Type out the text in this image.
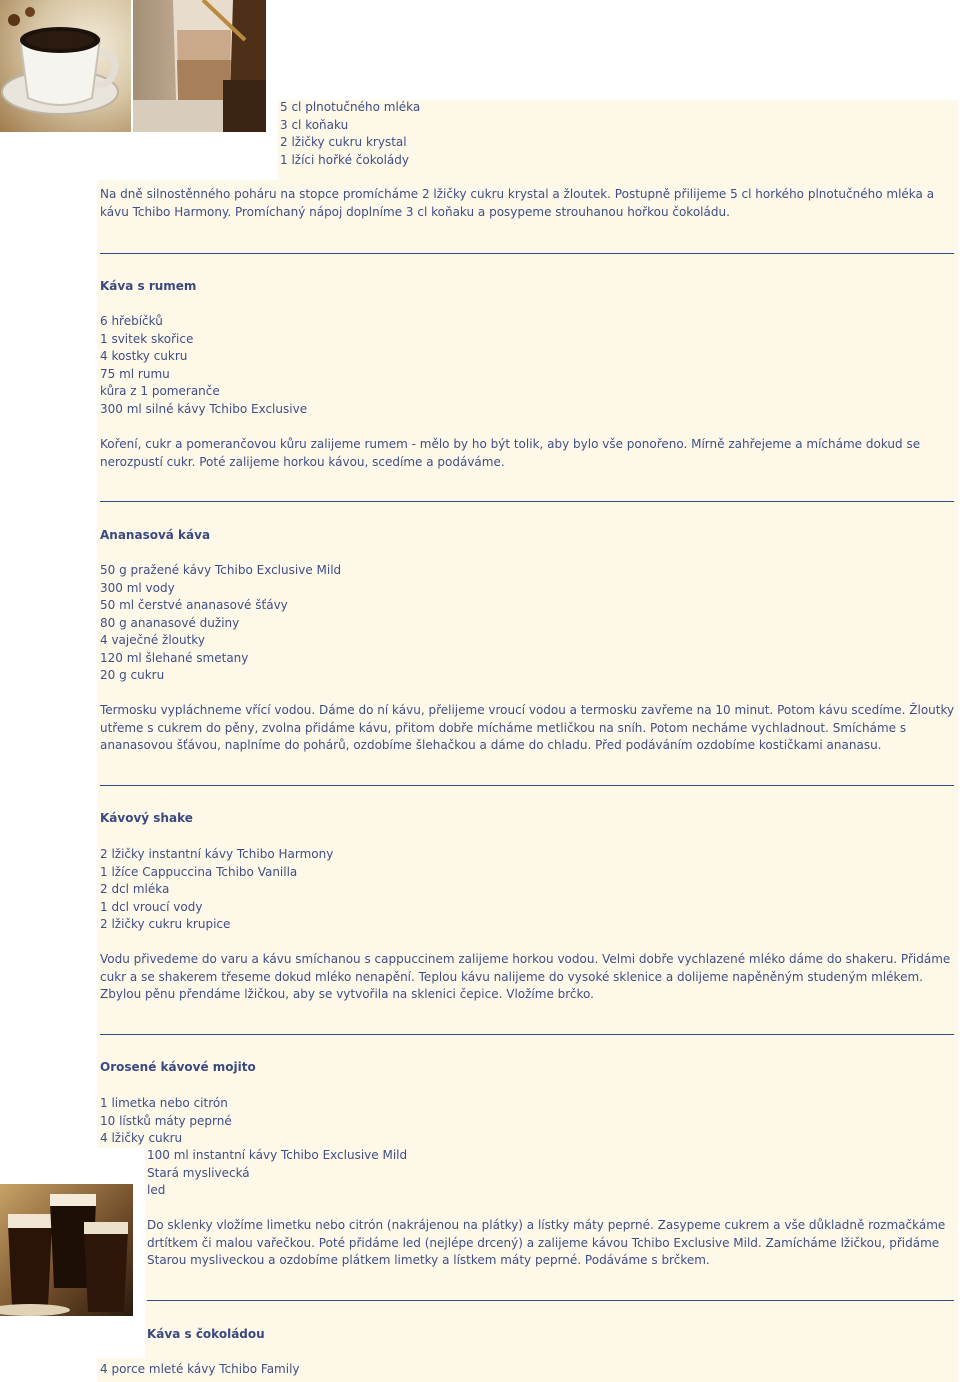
5 cl plnotučného mléka
3 cl koňaku
2 lžičky cukru krystal
1 lžíci hořké čokolády

Na dně silnostěnného poháru na stopce promícháme 2 lžičky cukru krystal a žloutek. Postupně přilijeme 5 cl horkého plnotučného mléka a kávu Tchibo Harmony. Promíchaný nápoj doplníme 3 cl koňaku a posypeme strouhanou hořkou čokoládu.

Káva s rumem
6 hřebíčků
1 svitek skořice
4 kostky cukru
75 ml rumu
kůra z 1 pomeranče
300 ml silné kávy Tchibo Exclusive

Koření, cukr a pomerančovou kůru zalijeme rumem - mělo by ho být tolik, aby bylo vše ponořeno. Mírně zahřejeme a mícháme dokud se nerozpustí cukr. Poté zalijeme horkou kávou, scedíme a podáváme.

Ananasová káva
50 g pražené kávy Tchibo Exclusive Mild
300 ml vody
50 ml čerstvé ananasové šťávy
80 g ananasové dužiny
4 vaječné žloutky
120 ml šlehané smetany
20 g cukru

Termosku vypláchneme vřící vodou. Dáme do ní kávu, přelijeme vroucí vodou a termosku zavřeme na 10 minut. Potom kávu scedíme. Žloutky utřeme s cukrem do pěny, zvolna přidáme kávu, přitom dobře mícháme metličkou na sníh. Potom necháme vychladnout. Smícháme s ananasovou šťávou, naplníme do pohárů, ozdobíme šlehačkou a dáme do chladu. Před podáváním ozdobíme kostičkami ananasu.

Kávový shake
2 lžičky instantní kávy Tchibo Harmony
1 lžíce Cappuccina Tchibo Vanilla
2 dcl mléka
1 dcl vroucí vody
2 lžičky cukru krupice

Vodu přivedeme do varu a kávu smíchanou s cappuccinem zalijeme horkou vodou. Velmi dobře vychlazené mléko dáme do shakeru. Přidáme cukr a se shakerem třeseme dokud mléko nenapění. Teplou kávu nalijeme do vysoké sklenice a dolijeme napěněným studeným mlékem. Zbylou pěnu přendáme lžičkou, aby se vytvořila na sklenici čepice. Vložíme brčko.

Orosené kávové mojito
1 limetka nebo citrón
10 lístků máty peprné
4 lžičky cukru
100 ml instantní kávy Tchibo Exclusive Mild
Stará myslivecká
led

Do sklenky vložíme limetku nebo citrón (nakrájenou na plátky) a lístky máty peprné. Zasypeme cukrem a vše důkladně rozmačkáme drtítkem či malou vařečkou. Poté přidáme led (nejlépe drcený) a zalijeme kávou Tchibo Exclusive Mild. Zamícháme lžičkou, přidáme Starou mysliveckou a ozdobíme plátkem limetky a lístkem máty peprné. Podáváme s brčkem.

Káva s čokoládou
4 porce mleté kávy Tchibo Family
